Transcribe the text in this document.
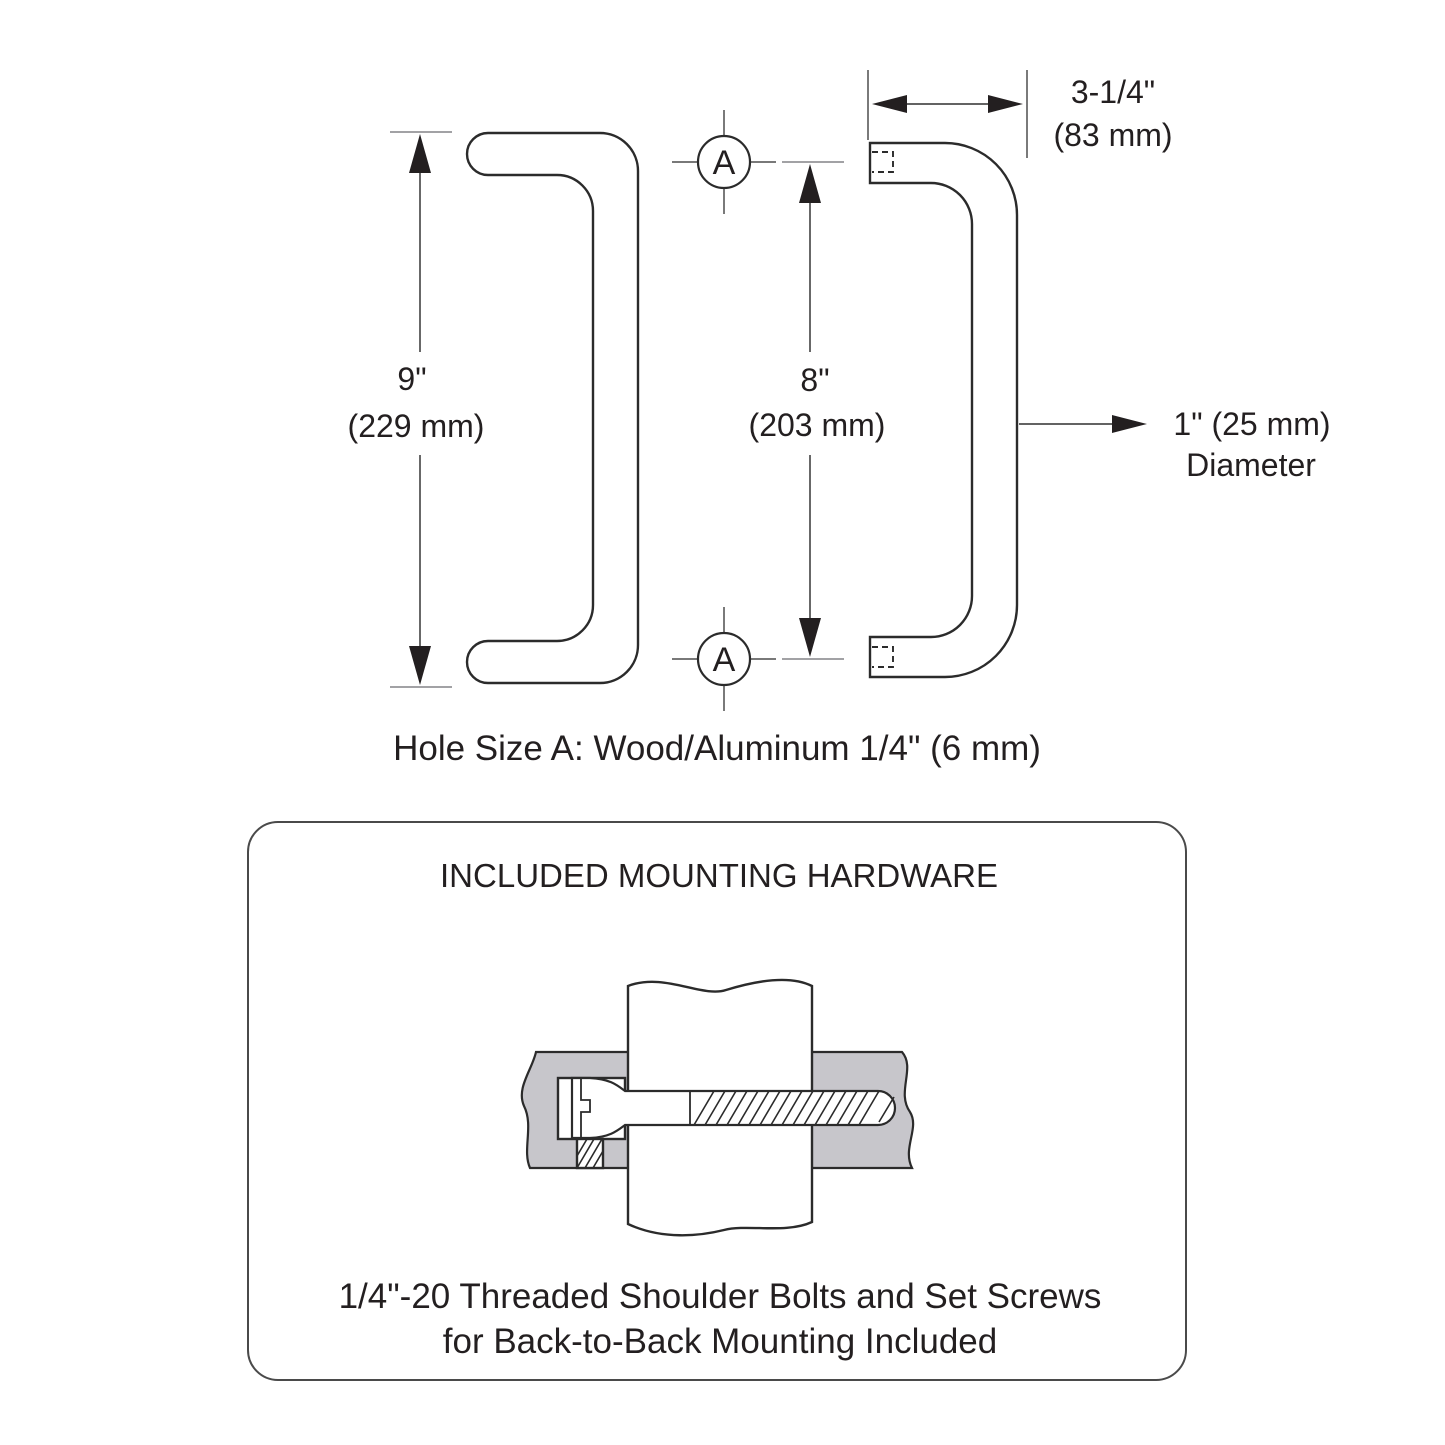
9"
(229 mm)
A
A
8"
(203 mm)
3-1/4"
(83 mm)
1" (25 mm)
Diameter
Hole Size A: Wood/Aluminum 1/4" (6 mm)
INCLUDED MOUNTING HARDWARE
1/4"-20 Threaded Shoulder Bolts and Set Screws
for Back-to-Back Mounting Included
